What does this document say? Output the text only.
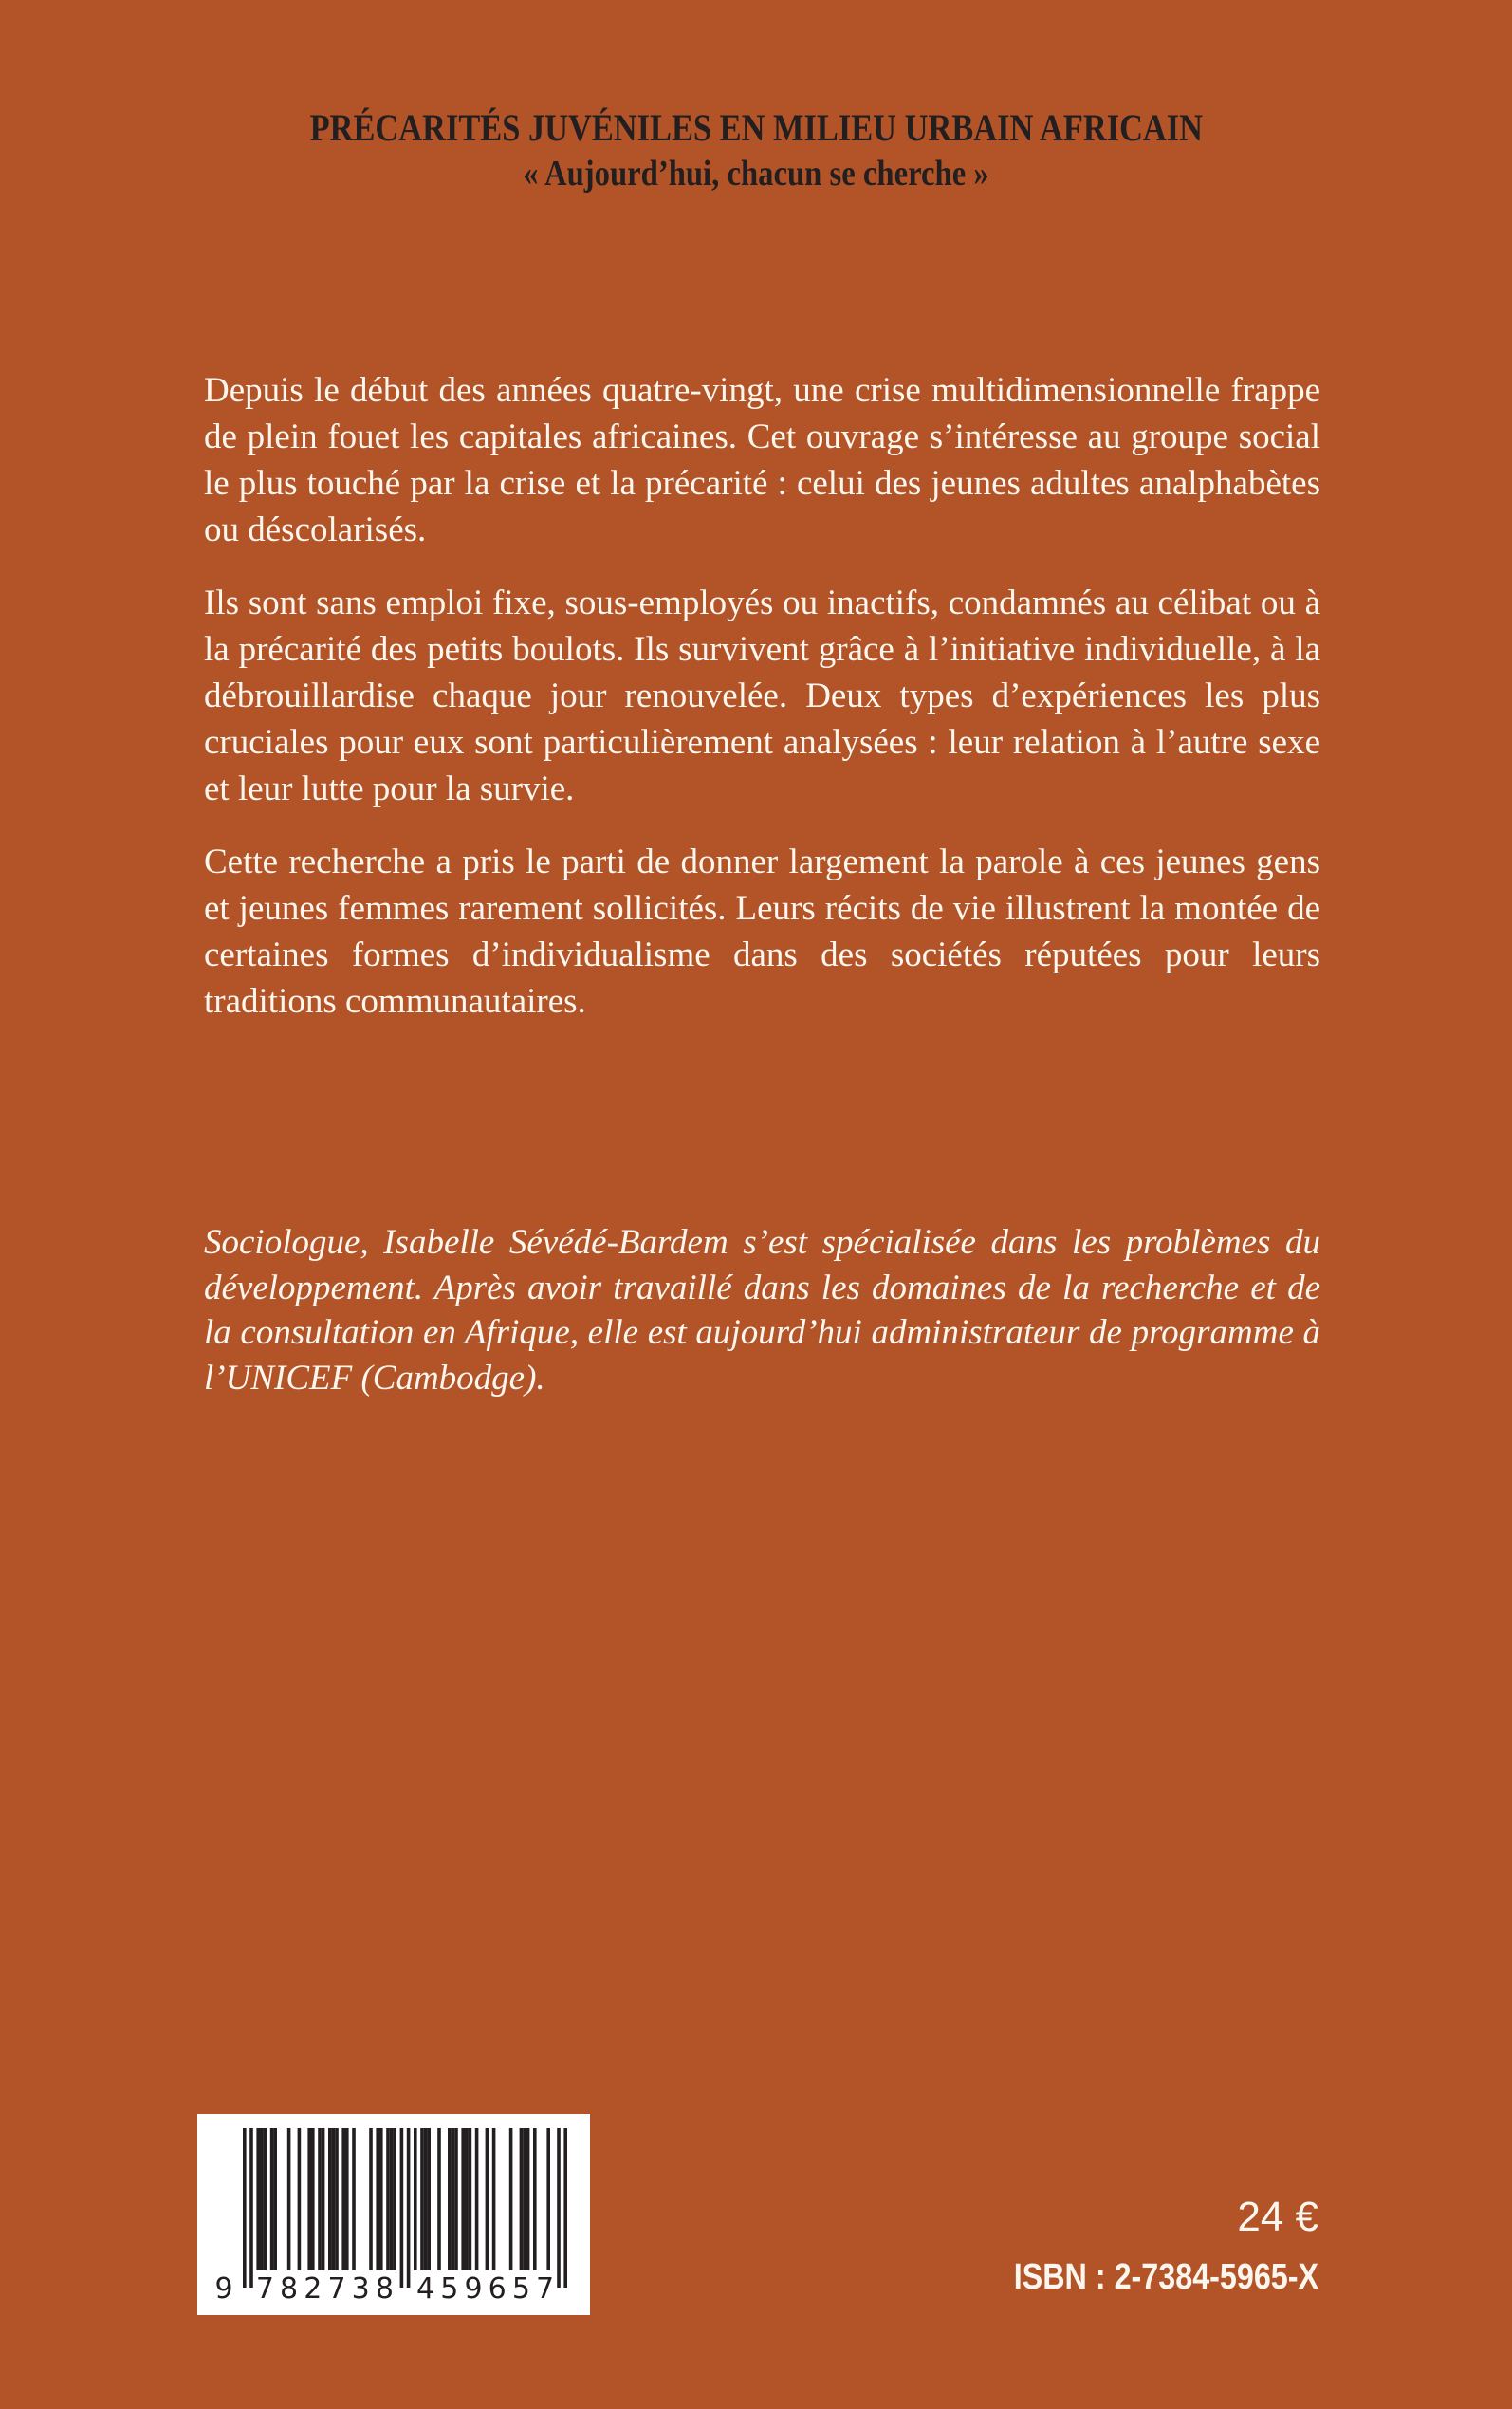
PRÉCARITÉS JUVÉNILES EN MILIEU URBAIN AFRICAIN
« Aujourd’hui, chacun se cherche »

Depuis le début des années quatre-vingt, une crise multidimensionnelle frappe de plein fouet les capitales africaines. Cet ouvrage s’intéresse au groupe social le plus touché par la crise et la précarité : celui des jeunes adultes analphabètes ou déscolarisés.

Ils sont sans emploi fixe, sous-employés ou inactifs, condamnés au célibat ou à la précarité des petits boulots. Ils survivent grâce à l’initiative individuelle, à la débrouillardise chaque jour renouvelée. Deux types d’expériences les plus cruciales pour eux sont particulièrement analysées : leur relation à l’autre sexe et leur lutte pour la survie.

Cette recherche a pris le parti de donner largement la parole à ces jeunes gens et jeunes femmes rarement sollicités. Leurs récits de vie illustrent la montée de certaines formes d’individualisme dans des sociétés réputées pour leurs traditions communautaires.

Sociologue, Isabelle Sévédé-Bardem s’est spécialisée dans les problèmes du développement. Après avoir travaillé dans les domaines de la recherche et de la consultation en Afrique, elle est aujourd’hui administrateur de programme à l’UNICEF (Cambodge).

9 7 8 2 7 3 8 4 5 9 6 5 7
24 €
ISBN : 2-7384-5965-X
